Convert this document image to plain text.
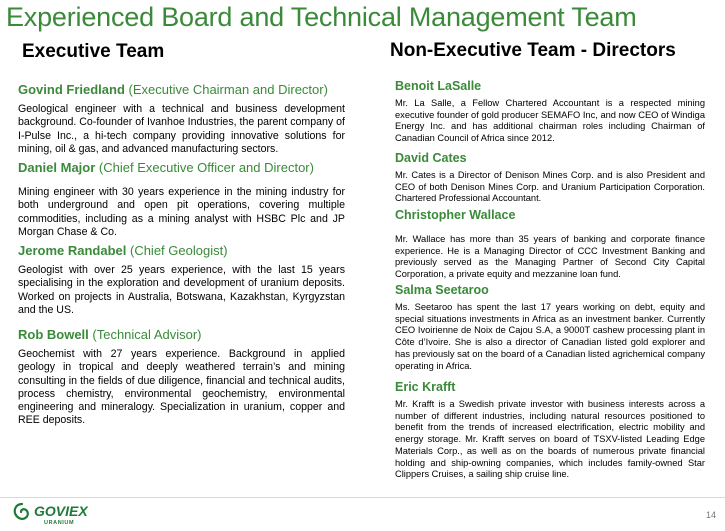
Experienced Board and Technical Management Team
Executive Team	Non-Executive Team - Directors
Govind Friedland (Executive Chairman and Director)
Geological engineer with a technical and business development background. Co-founder of Ivanhoe Industries, the parent company of I-Pulse Inc., a hi-tech company providing innovative solutions for mining, oil & gas, and advanced manufacturing sectors.
Daniel Major (Chief Executive Officer and Director)
Mining engineer with 30 years experience in the mining industry for both underground and open pit operations, covering multiple commodities, including as a mining analyst with HSBC Plc and JP Morgan Chase & Co.
Jerome Randabel (Chief Geologist)
Geologist with over 25 years experience, with the last 15 years specialising in the exploration and development of uranium deposits. Worked on projects in Australia, Botswana, Kazakhstan, Kyrgyzstan and the US.
Rob Bowell (Technical Advisor)
Geochemist with 27 years experience. Background in applied geology in tropical and deeply weathered terrain’s and mining consulting in the fields of due diligence, financial and technical audits, process chemistry, environmental geochemistry, environmental engineering and mineralogy. Specialization in uranium, copper and REE deposits.
Benoit LaSalle
Mr. La Salle, a Fellow Chartered Accountant is a respected mining executive founder of gold producer SEMAFO Inc, and now CEO of Windiga Energy Inc. and has additional chairman roles including Chairman of Canadian Council of Africa since 2012.
David Cates
Mr. Cates is a Director of Denison Mines Corp. and is also President and CEO of both Denison Mines Corp. and Uranium Participation Corporation. Chartered Professional Accountant.
Christopher Wallace
Mr. Wallace has more than 35 years of banking and corporate finance experience. He is a Managing Director of CCC Investment Banking and previously served as the Managing Partner of Second City Capital Corporation, a private equity and mezzanine loan fund.
Salma Seetaroo
Ms. Seetaroo has spent the last 17 years working on debt, equity and special situations investments in Africa as an investment banker. Currently CEO Ivoirienne de Noix de Cajou S.A, a 9000T cashew processing plant in Côte d’Ivoire. She is also a director of Canadian listed gold explorer and has previously sat on the board of a Canadian listed agrichemical company operating in Africa.
Eric Krafft
Mr. Krafft is a Swedish private investor with business interests across a number of different industries, including natural resources positioned to benefit from the trends of increased electrification, electric mobility and energy storage. Mr. Krafft serves on board of TSXV-listed Leading Edge Materials Corp., as well as on the boards of numerous private financial holding and ship-owning companies, which includes family-owned Star Clippers Cruises, a sailing ship cruise line.
GOVIEX
URANIUM
14
